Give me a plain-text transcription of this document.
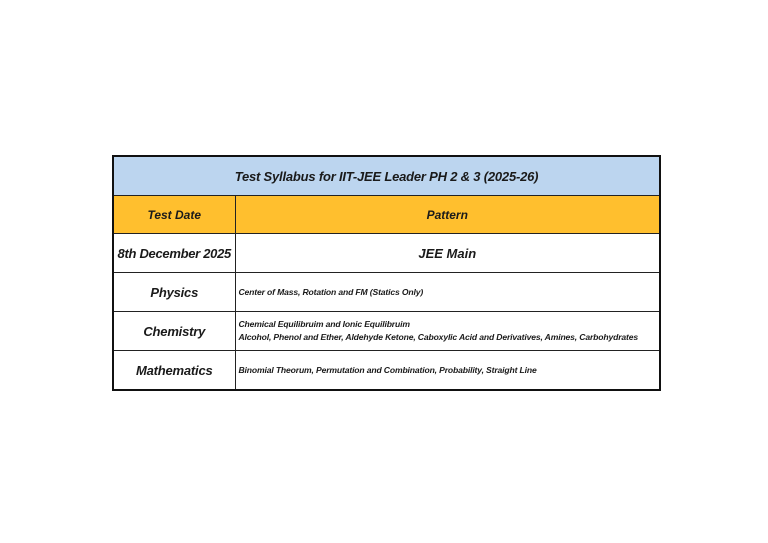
Test Syllabus for IIT-JEE Leader PH 2 & 3 (2025-26)	
Test Date	Pattern
8th December 2025	JEE Main
Physics	Center of Mass, Rotation and FM (Statics Only)

Chemistry	Chemical Equilibruim and Ionic Equilibruim
Alcohol, Phenol and Ether, Aldehyde Ketone, Caboxylic Acid and Derivatives, Amines, Carbohydrates

Mathematics	Binomial Theorum, Permutation and Combination, Probability, Straight Line
